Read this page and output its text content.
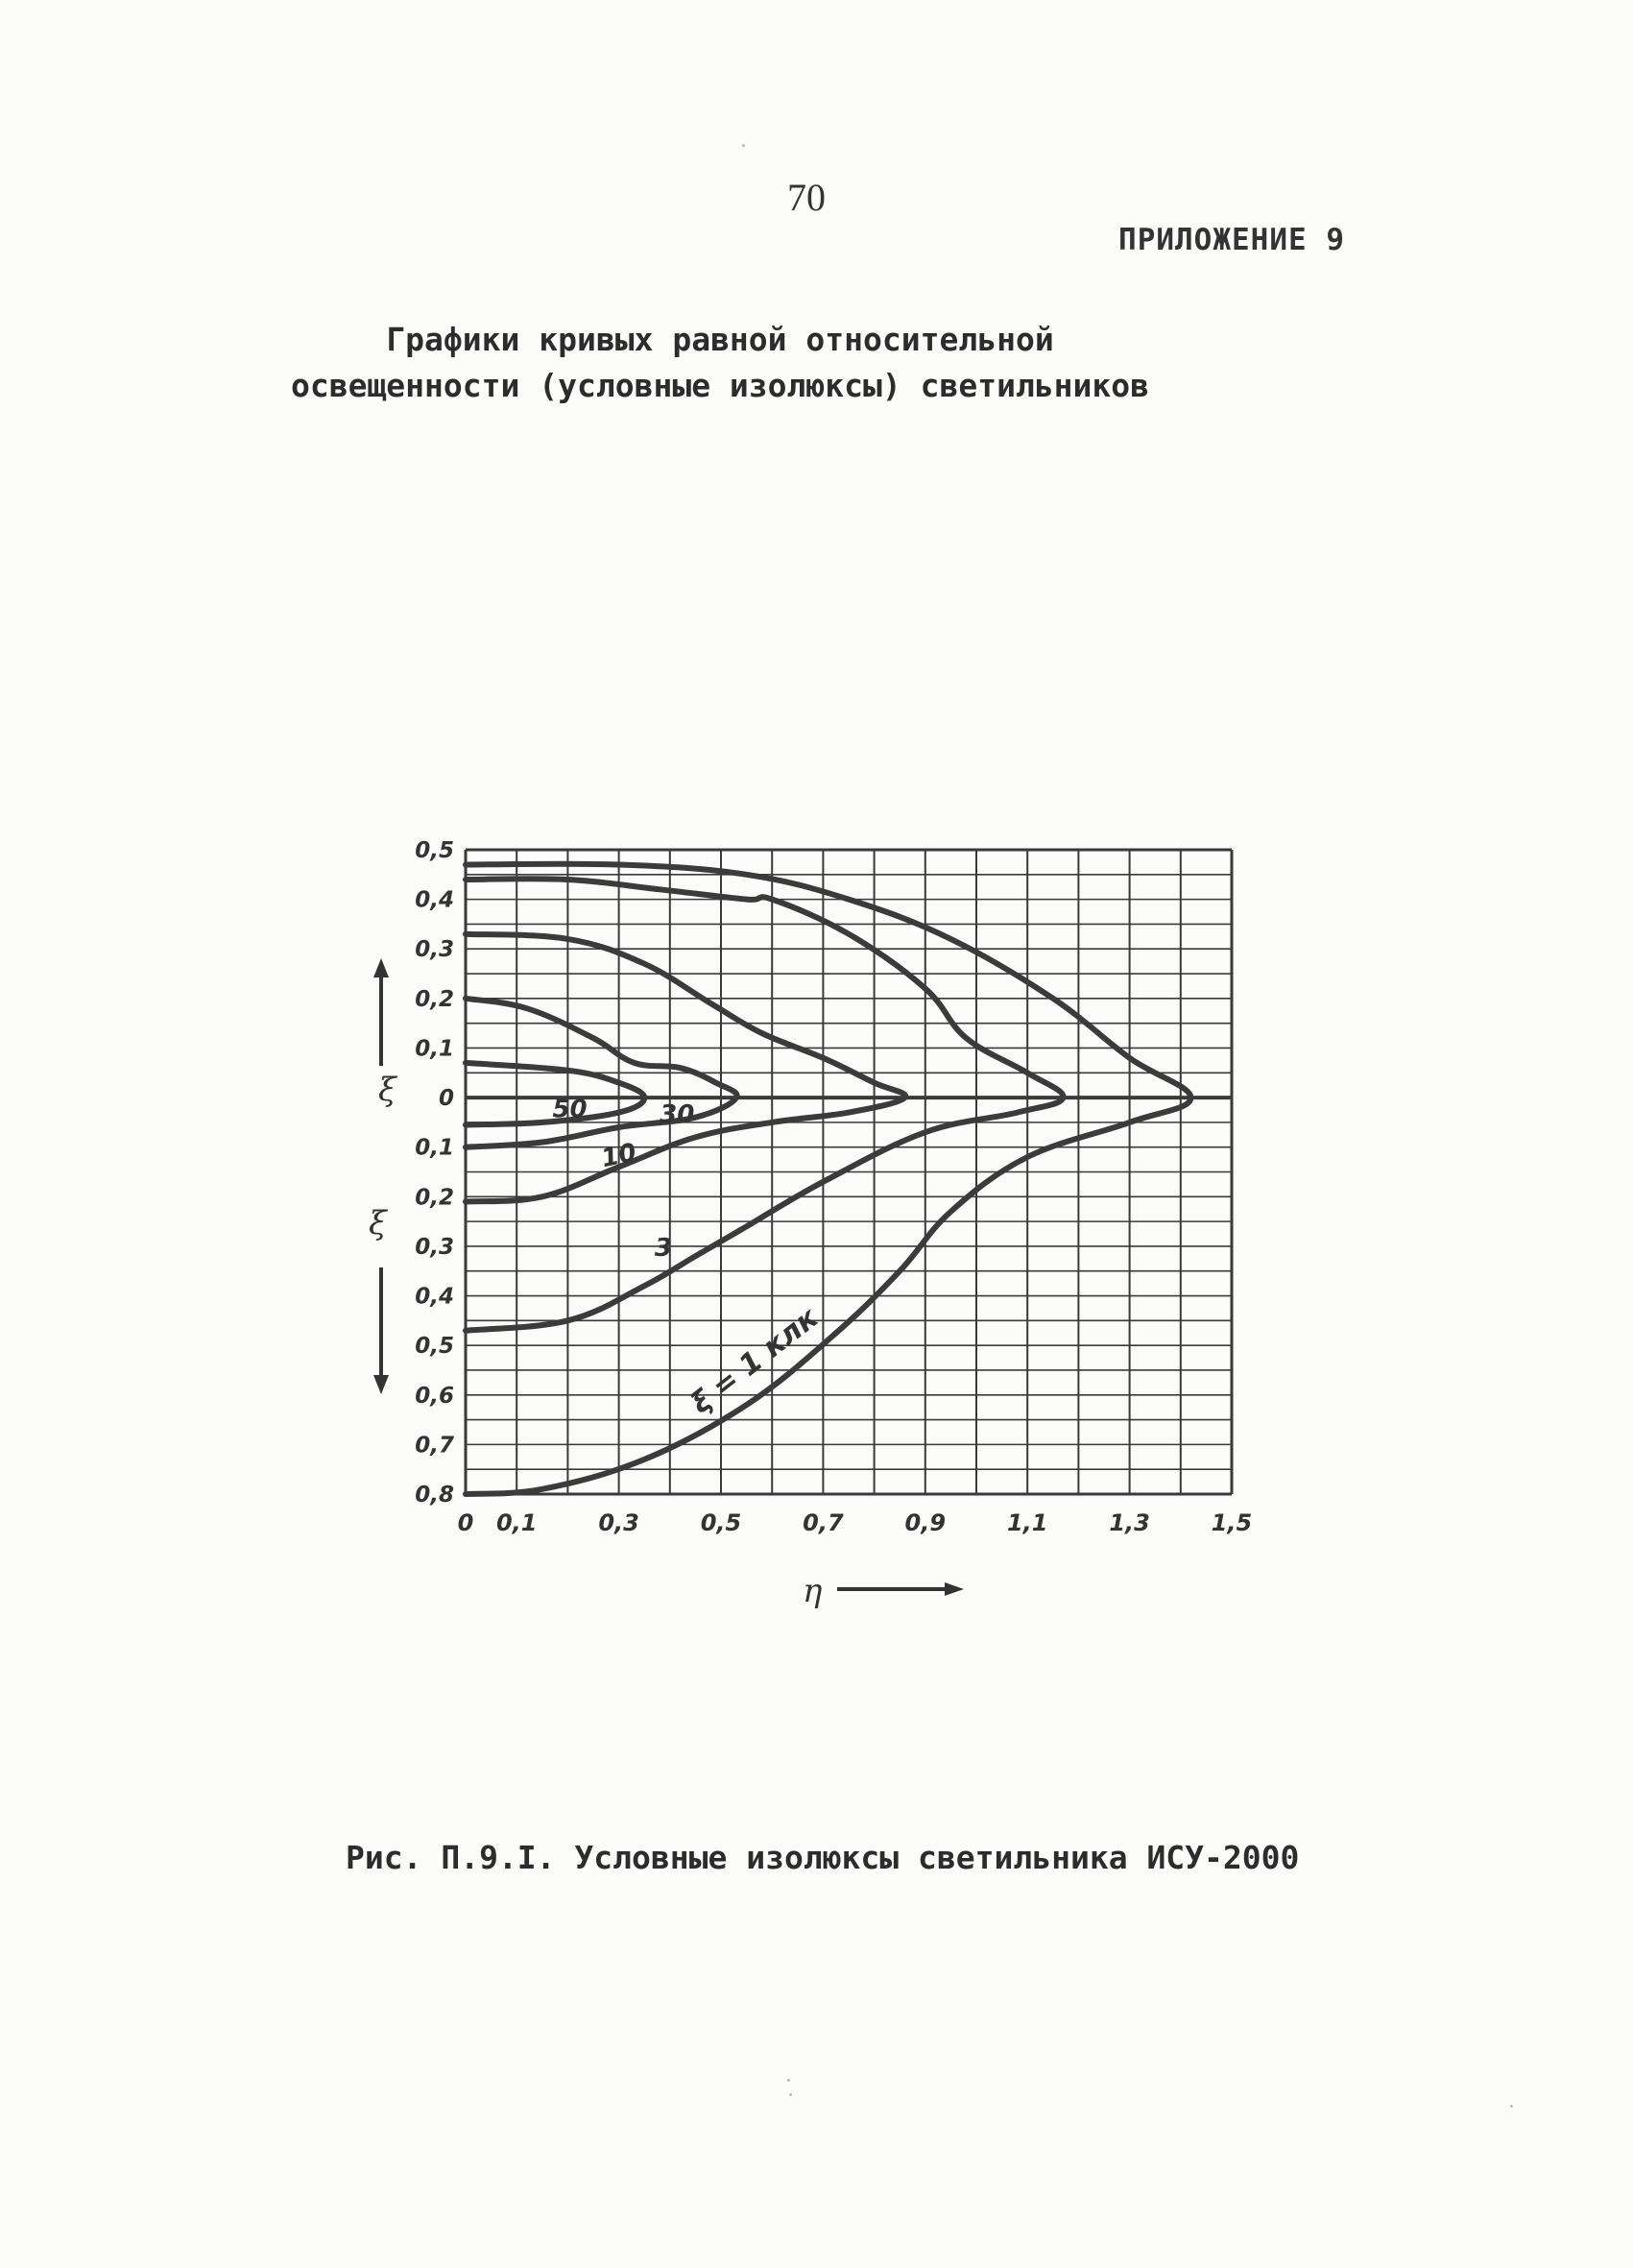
70
ПРИЛОЖЕНИЕ 9
Графики кривых равной относительной
освещенности (условные изолюксы) светильников
50	30
10
3
ξ = 1 клк
0 0,1	0,3	0,5	0,7	0,9	1,1	1,3	1,5
0,5
0,4
0,3
0,2
0,1
0
0,1
0,2
0,3
0,4
0,5
0,6
0,7
0,8
ξ
ξ
η
Рис. П.9.I. Условные изолюксы светильника ИСУ-2000
